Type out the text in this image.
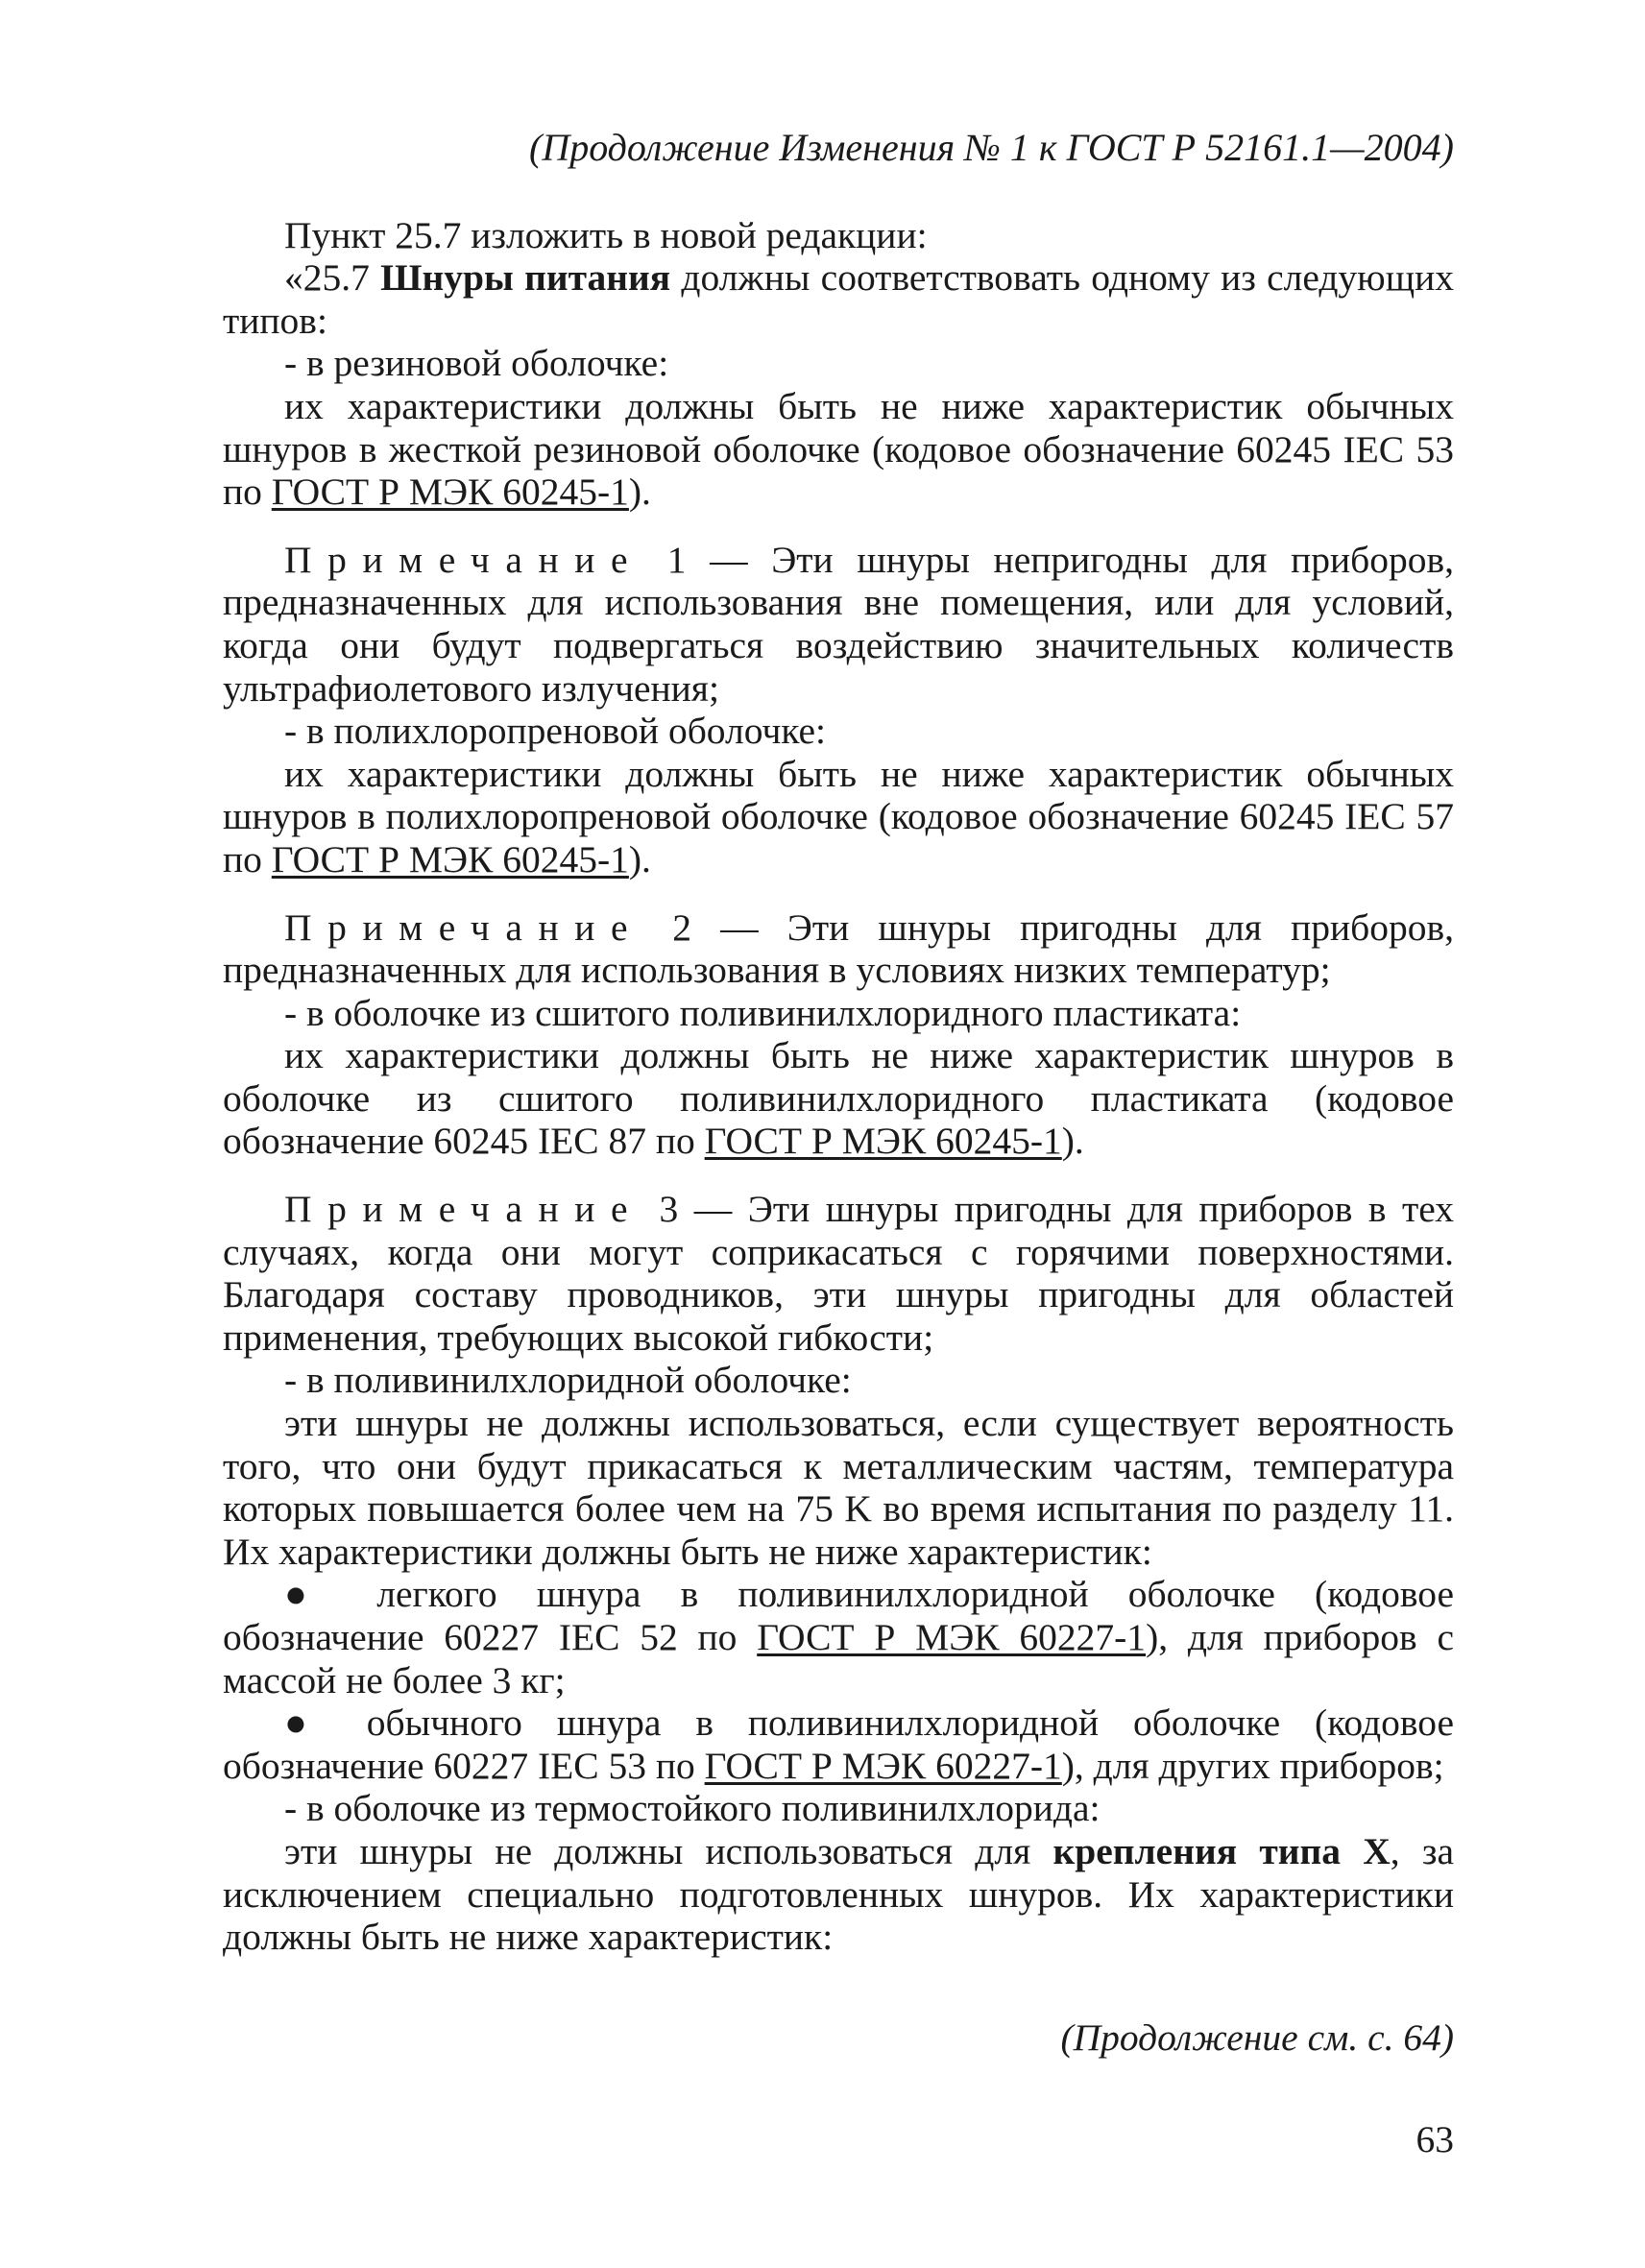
(Продолжение Изменения № 1 к ГОСТ Р 52161.1—2004)

Пункт 25.7 изложить в новой редакции:

«25.7 Шнуры питания должны соответствовать одному из следующих типов:

- в резиновой оболочке:

их характеристики должны быть не ниже характеристик обычных шнуров в жесткой резиновой оболочке (кодовое обозначение 60245 IEC 53 по ГОСТ Р МЭК 60245-1).

Примечание 1 — Эти шнуры непригодны для приборов, предназначенных для использования вне помещения, или для условий, когда они будут подвергаться воздействию значительных количеств ультрафиолетового излучения;

- в полихлоропреновой оболочке:

их характеристики должны быть не ниже характеристик обычных шнуров в полихлоропреновой оболочке (кодовое обозначение 60245 IEC 57 по ГОСТ Р МЭК 60245-1).

Примечание 2 — Эти шнуры пригодны для приборов, предназначенных для использования в условиях низких температур;

- в оболочке из сшитого поливинилхлоридного пластиката:

их характеристики должны быть не ниже характеристик шнуров в оболочке из сшитого поливинилхлоридного пластиката (кодовое обозначение 60245 IEC 87 по ГОСТ Р МЭК 60245-1).

Примечание 3 — Эти шнуры пригодны для приборов в тех случаях, когда они могут соприкасаться с горячими поверхностями. Благодаря составу проводников, эти шнуры пригодны для областей применения, требующих высокой гибкости;

- в поливинилхлоридной оболочке:

эти шнуры не должны использоваться, если существует вероятность того, что они будут прикасаться к металлическим частям, температура которых повышается более чем на 75 K во время испытания по разделу 11. Их характеристики должны быть не ниже характеристик:

● легкого шнура в поливинилхлоридной оболочке (кодовое обозначение 60227 IEC 52 по ГОСТ Р МЭК 60227-1), для приборов с массой не более 3 кг;

● обычного шнура в поливинилхлоридной оболочке (кодовое обозначение 60227 IEC 53 по ГОСТ Р МЭК 60227-1), для других приборов;

- в оболочке из термостойкого поливинилхлорида:

эти шнуры не должны использоваться для крепления типа X, за исключением специально подготовленных шнуров. Их характеристики должны быть не ниже характеристик:

(Продолжение см. с. 64)
63
